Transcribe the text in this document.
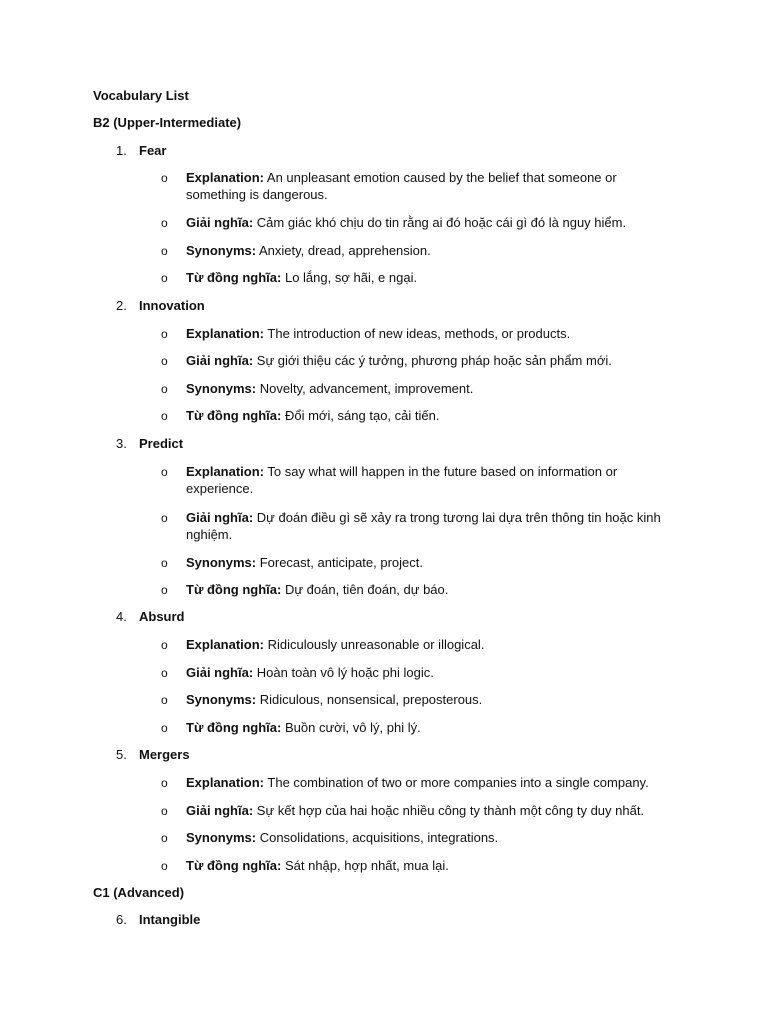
Vocabulary List
B2 (Upper-Intermediate)
1. Fear
o Explanation: An unpleasant emotion caused by the belief that someone or something is dangerous.
o Giải nghĩa: Cảm giác khó chịu do tin rằng ai đó hoặc cái gì đó là nguy hiểm.
o Synonyms: Anxiety, dread, apprehension.
o Từ đồng nghĩa: Lo lắng, sợ hãi, e ngại.
2. Innovation
o Explanation: The introduction of new ideas, methods, or products.
o Giải nghĩa: Sự giới thiệu các ý tưởng, phương pháp hoặc sản phẩm mới.
o Synonyms: Novelty, advancement, improvement.
o Từ đồng nghĩa: Đổi mới, sáng tạo, cải tiến.
3. Predict
o Explanation: To say what will happen in the future based on information or experience.
o Giải nghĩa: Dự đoán điều gì sẽ xảy ra trong tương lai dựa trên thông tin hoặc kinh nghiệm.
o Synonyms: Forecast, anticipate, project.
o Từ đồng nghĩa: Dự đoán, tiên đoán, dự báo.
4. Absurd
o Explanation: Ridiculously unreasonable or illogical.
o Giải nghĩa: Hoàn toàn vô lý hoặc phi logic.
o Synonyms: Ridiculous, nonsensical, preposterous.
o Từ đồng nghĩa: Buồn cười, vô lý, phi lý.
5. Mergers
o Explanation: The combination of two or more companies into a single company.
o Giải nghĩa: Sự kết hợp của hai hoặc nhiều công ty thành một công ty duy nhất.
o Synonyms: Consolidations, acquisitions, integrations.
o Từ đồng nghĩa: Sát nhập, hợp nhất, mua lại.
C1 (Advanced)
6. Intangible
